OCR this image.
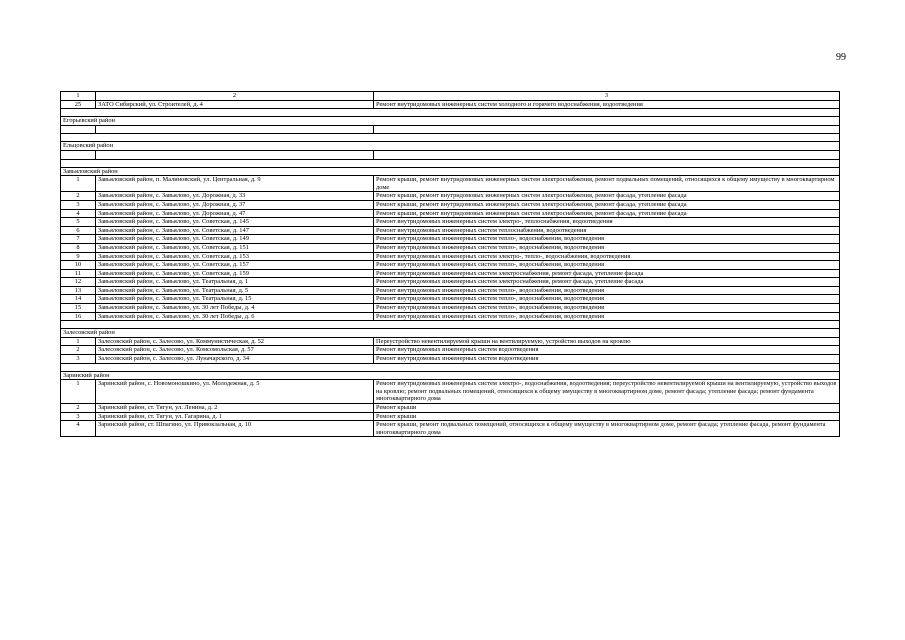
99
1	2	3
25	ЗАТО Сибирский, ул. Строителей, д. 4	Ремонт внутридомовых инженерных систем холодного и горячего водоснабжения, водоотведения

Егорьевский район		

Ельцовский район		

Завьяловский район		
1	Завьяловский район, п. Малиновский, ул. Центральная, д. 9	Ремонт крыши, ремонт внутридомовых инженерных систем электроснабжения, ремонт подвальных помещений, относящихся к общему имуществу в многоквартирном доме
2	Завьяловский район, с. Завьялово, ул. Дорожная, д. 33	Ремонт крыши, ремонт внутридомовых инженерных систем электроснабжения, ремонт фасада, утепление фасада
3	Завьяловский район, с. Завьялово, ул. Дорожная, д. 37	Ремонт крыши, ремонт внутридомовых инженерных систем электроснабжения, ремонт фасада, утепление фасада
4	Завьяловский район, с. Завьялово, ул. Дорожная, д. 47	Ремонт крыши, ремонт внутридомовых инженерных систем электроснабжения, ремонт фасада, утепление фасада
5	Завьяловский район, с. Завьялово, ул. Советская, д. 145	Ремонт внутридомовых инженерных систем электро-, теплоснабжения, водоотведения
6	Завьяловский район, с. Завьялово, ул. Советская, д. 147	Ремонт внутридомовых инженерных систем теплоснабжения, водоотведения
7	Завьяловский район, с. Завьялово, ул. Советская, д. 149	Ремонт внутридомовых инженерных систем тепло-, водоснабжения, водоотведения
8	Завьяловский район, с. Завьялово, ул. Советская, д. 151	Ремонт внутридомовых инженерных систем тепло-, водоснабжения, водоотведения
9	Завьяловский район, с. Завьялово, ул. Советская, д. 153	Ремонт внутридомовых инженерных систем электро-, тепло-, водоснабжения, водоотведения
10	Завьяловский район, с. Завьялово, ул. Советская, д. 157	Ремонт внутридомовых инженерных систем тепло-, водоснабжения, водоотведения
11	Завьяловский район, с. Завьялово, ул. Советская, д. 159	Ремонт внутридомовых инженерных систем электроснабжения, ремонт фасада, утепление фасада
12	Завьяловский район, с. Завьялово, ул. Театральная, д. 1	Ремонт внутридомовых инженерных систем электроснабжения, ремонт фасада, утепление фасада
13	Завьяловский район, с. Завьялово, ул. Театральная, д. 5	Ремонт внутридомовых инженерных систем тепло-, водоснабжения, водоотведения
14	Завьяловский район, с. Завьялово, ул. Театральная, д. 15	Ремонт внутридомовых инженерных систем тепло-, водоснабжения, водоотведения
15	Завьяловский район, с. Завьялово, ул. 30 лет Победы, д. 4	Ремонт внутридомовых инженерных систем тепло-, водоснабжения, водоотведения
16	Завьяловский район, с. Завьялово, ул. 30 лет Победы, д. 6	Ремонт внутридомовых инженерных систем тепло-, водоснабжения, водоотведения

Залесовский район		
1	Залесовский район, с. Залесово, ул. Коммунистическая, д. 52	Переустройство невентилируемой крыши на вентилируемую, устройство выходов на кровлю
2	Залесовский район, с. Залесово, ул. Комсомольская, д. 57	Ремонт внутридомовых инженерных систем водоотведения
3	Залесовский район, с. Залесово, ул. Луначарского, д. 34	Ремонт внутридомовых инженерных систем водоотведения

Заринский район		
1	Заринский район, с. Новомоношкино, ул. Молодежная, д. 5	Ремонт внутридомовых инженерных систем электро-, водоснабжения, водоотведения; переустройство невентилируемой крыши на вентилируемую, устройство выходов на кровлю; ремонт подвальных помещений, относящихся к общему имуществу в многоквартирном доме, ремонт фасада; утепление фасада; ремонт фундамента многоквартирного дома
2	Заринский район, ст. Тягун, ул. Ленина, д. 2	Ремонт крыши
3	Заринский район, ст. Тягун, ул. Гагарина, д. 1	Ремонт крыши
4	Заринский район, ст. Шпагино, ул. Привокзальная, д. 10	Ремонт крыши, ремонт подвальных помещений, относящихся к общему имуществу в многоквартирном доме, ремонт фасада; утепление фасада, ремонт фундамента многоквартирного дома
